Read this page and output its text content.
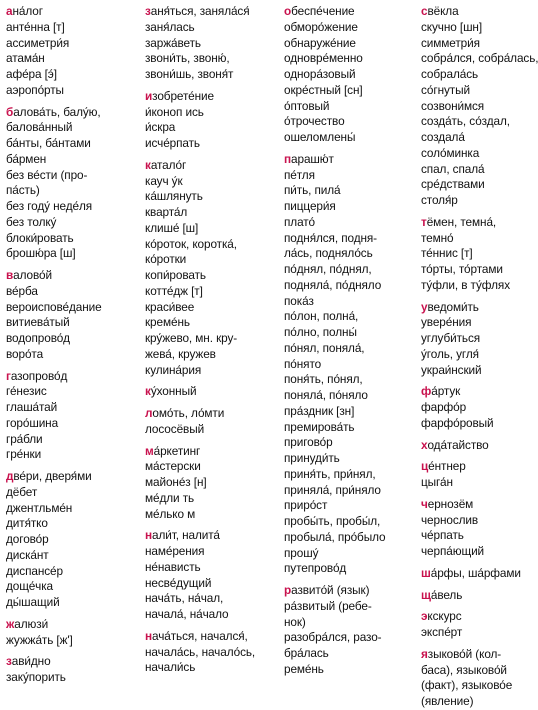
ана́лог
анте́нна [т]
ассиметри́я
атама́н
афе́ра [э́]
аэропо́рты
балова́ть, балу́ю,
балова́нный
ба́нты, ба́нтами
ба́рмен
без ве́сти (про-
па́сть)
без году́ неде́ля
без толку́
блоки́ровать
брошю́ра [ш]
валово́й
ве́рба
вероиспове́дание
витиева́тый
водопрово́д
воро́та
газопрово́д
ге́незис
глаша́тай
горо́шина
гра́бли
гре́нки
две́ри, дверя́ми
дёбет
джентльме́н
дитя́тко
догово́р
диска́нт
диспансе́р
доще́чка
ды́шащий
жалюзи́
жужжа́ть [ж']
зави́дно
заку́порить
заня́ться, заняла́ся́
заня́лась
заржа́веть
звони́ть, звоню́,
звони́шь, звоня́т
изобрете́ние
и́коноп ись
и́скра
исче́рпать
катало́г
кауч у́к
ка́шлянуть
кварта́л
клише́ [ш]
ко́роток, коротка́,
ко́ротки
копи́ровать
котте́дж [т]
краси́вее
кремéнь
кру́жево, мн. кру-
жева́, кружев
кулина́рия
ку́хонный
ломо́ть, ло́мти
лососёвый
ма́ркетинг
ма́стерски
майонéз [н]
ме́дли ть
ме́лько м
нали́т, налита́
наме́рения
не́нависть
несве́дущий
нача́ть, на́чал,
начала́, на́чало
нача́ться, начался́,
начала́сь, начало́сь,
начали́сь
обеспе́чение
обморо́жение
обнаруже́ние
одновре́менно
однора́зовый
окре́стный [сн]
о́птовый
о́трочество
ошеломлены́
парашю́т
пе́тля
пи́ть, пила́
пиццери́я
плато́
подня́лся, подня-
ла́сь, подняло́сь
по́днял, по́днял,
подняла́, по́дняло
пока́з
по́лон, полна́,
по́лно, полны́
по́нял, поняла́,
по́нято
поня́ть, по́нял,
поняла́, по́няло
пра́здник [зн]
премирова́ть
пригово́р
принуди́ть
приня́ть, при́нял,
приняла́, при́няло
приро́ст
пробы́ть, пробы́л,
пробыла́, про́было
прошу́
путепрово́д
развито́й (язык)
ра́звитый (ребе-
нок)
разобра́лся, разо-
бра́лась
ремéнь
свёкла
скучно [шн]
симметри́я
собра́лся, собра́лась,
собрала́сь
со́гнутый
созвони́мся
созда́ть, со́здал,
создала́
соло́минка
спал, спала́
сре́дствами
столя́р
тёмен, темна́,
темно́
те́ннис [т]
то́рты, то́ртами
ту́фли, в ту́флях
уведоми́ть
увере́ния
углуби́ться
у́голь, угля́
украи́нский
фа́ртук
фарфо́р
фарфо́ровый
хода́тайство
це́нтнер
цыга́н
чернозём
чернослив
че́рпать
черпа́ющий
ша́рфы, ша́рфами
ща́вель
экскурс
экспе́рт
языково́й (кол-
баса), языково́й
(факт), языково́е
(явление)
